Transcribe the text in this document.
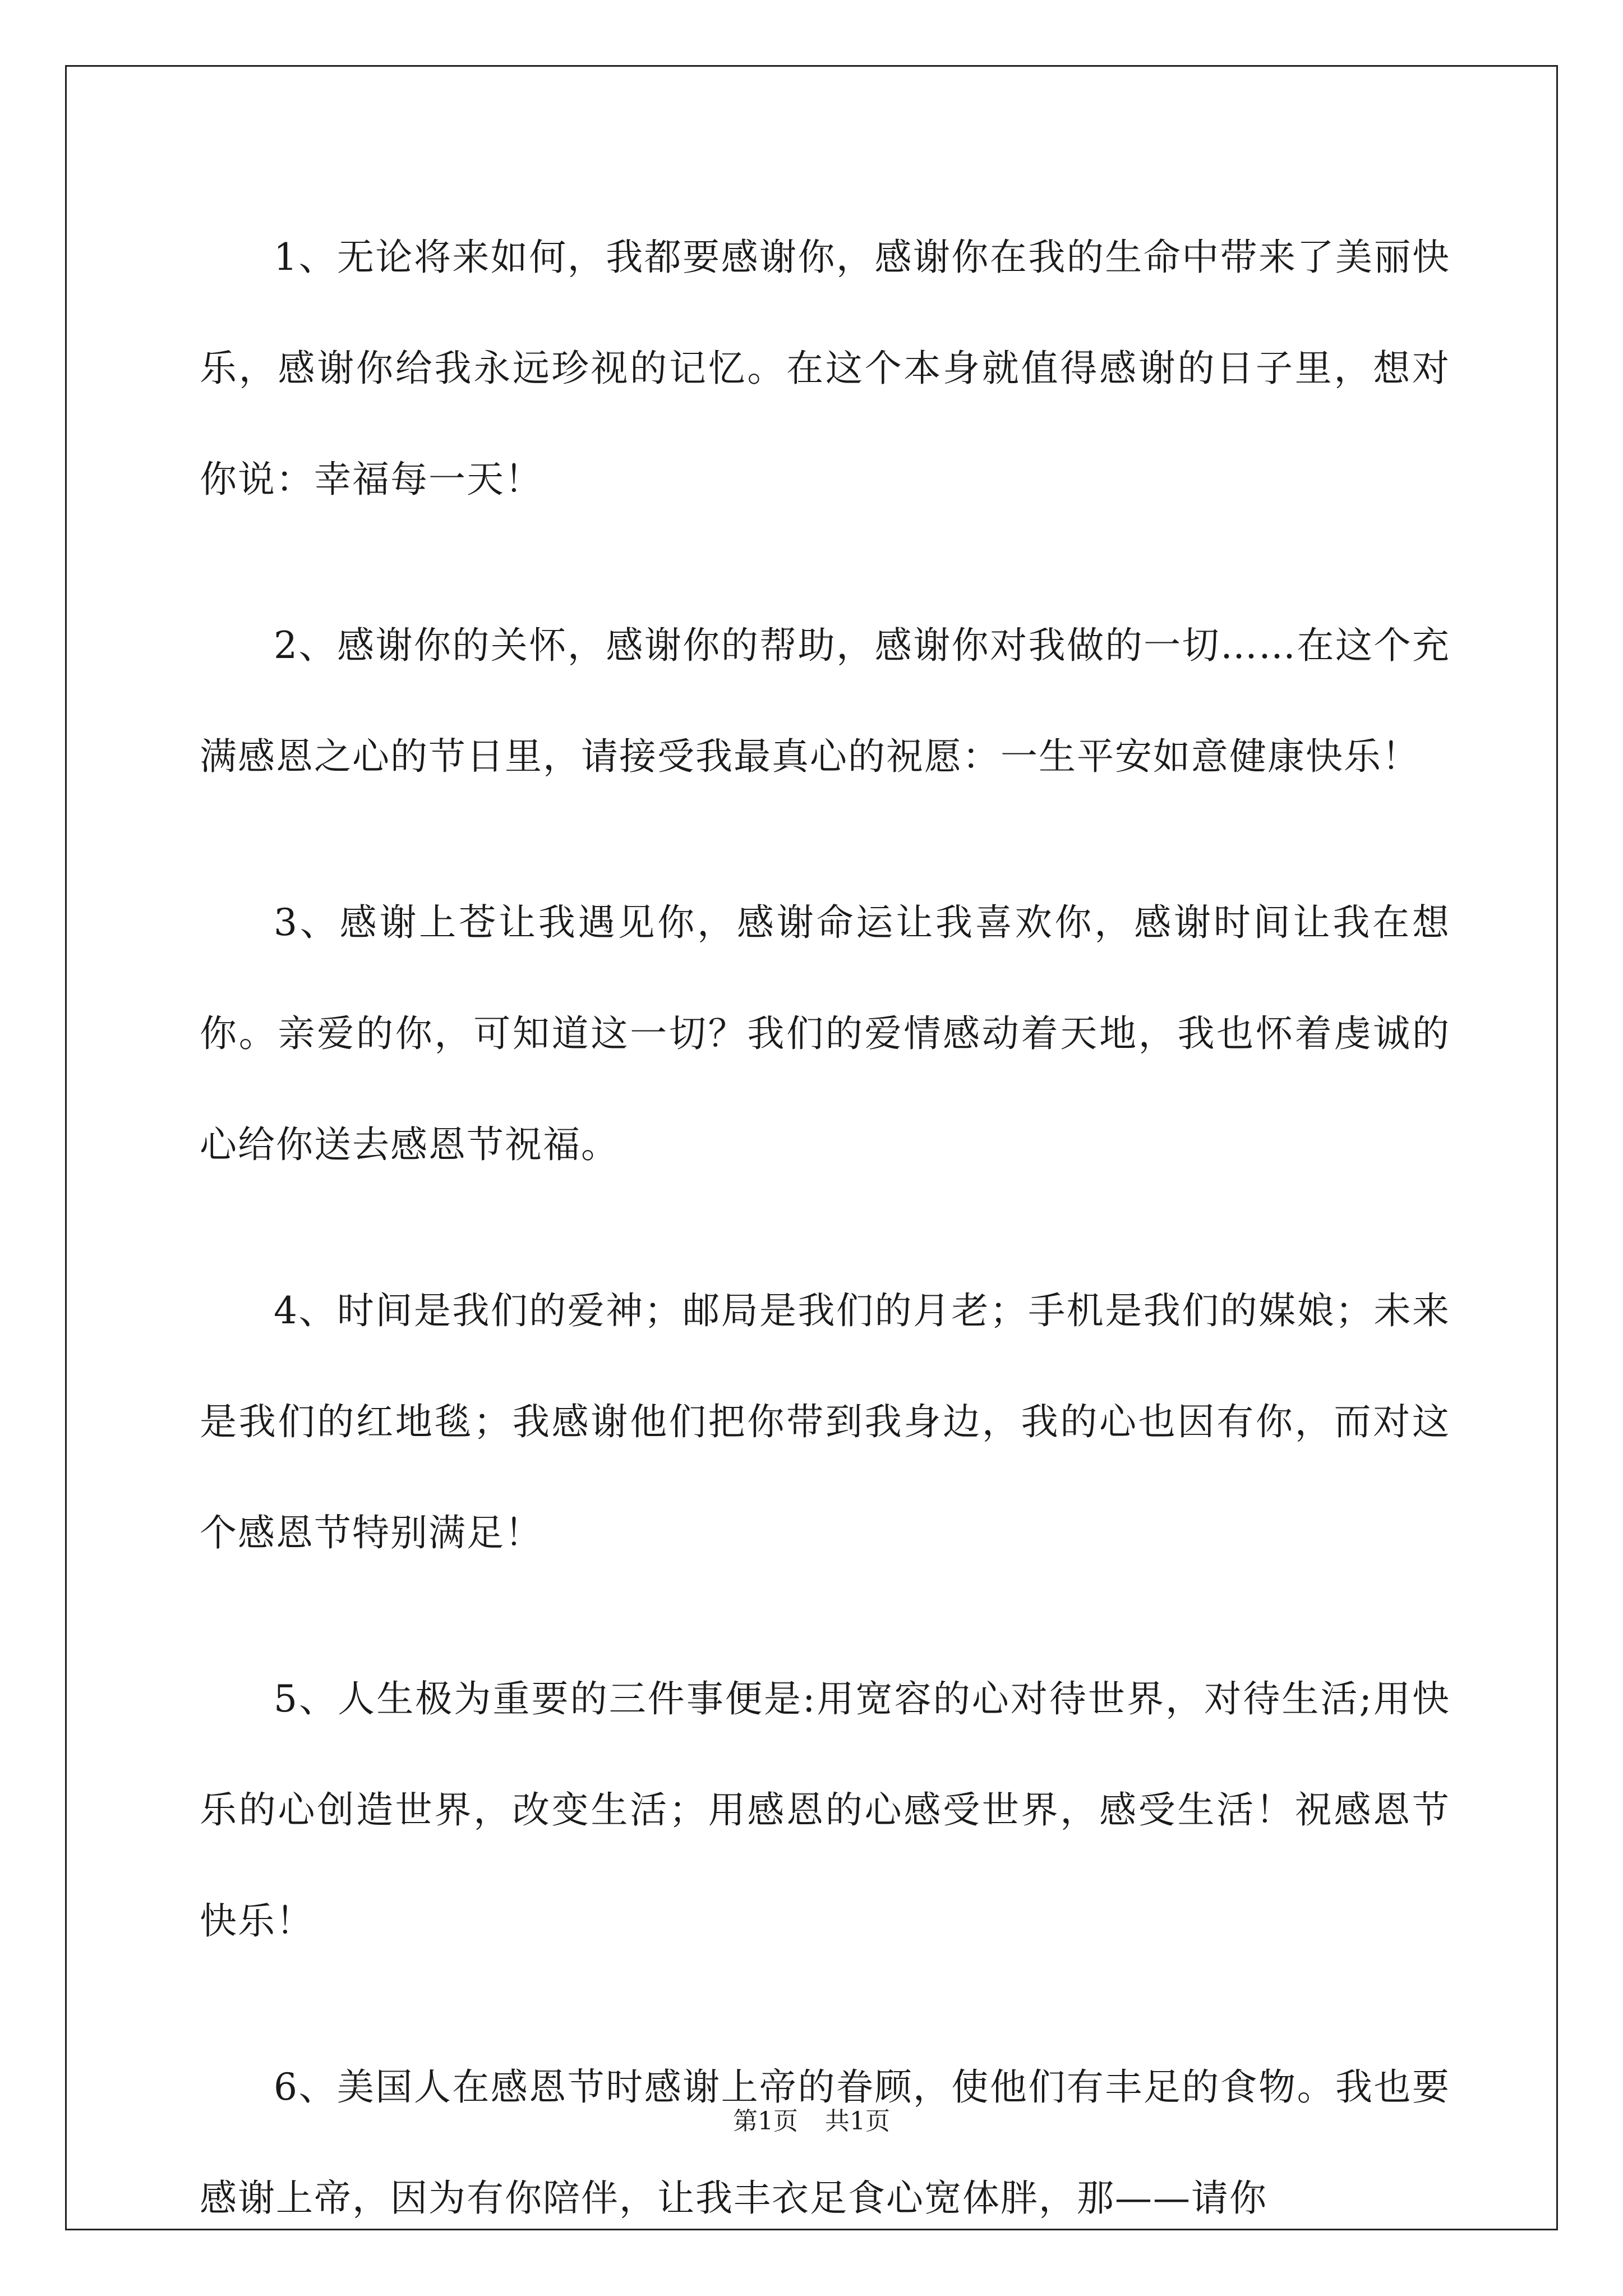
1、无论将来如何，我都要感谢你，感谢你在我的生命中带来了美丽快乐，感谢你给我永远珍视的记忆。在这个本身就值得感谢的日子里，想对你说：幸福每一天！

2、感谢你的关怀，感谢你的帮助，感谢你对我做的一切……在这个充满感恩之心的节日里，请接受我最真心的祝愿：一生平安如意健康快乐！

3、感谢上苍让我遇见你，感谢命运让我喜欢你，感谢时间让我在想你。亲爱的你，可知道这一切？我们的爱情感动着天地，我也怀着虔诚的心给你送去感恩节祝福。

4、时间是我们的爱神；邮局是我们的月老；手机是我们的媒娘；未来是我们的红地毯；我感谢他们把你带到我身边，我的心也因有你，而对这个感恩节特别满足！

5、人生极为重要的三件事便是:用宽容的心对待世界，对待生活;用快乐的心创造世界，改变生活；用感恩的心感受世界，感受生活！祝感恩节快乐！

6、美国人在感恩节时感谢上帝的眷顾，使他们有丰足的食物。我也要感谢上帝，因为有你陪伴，让我丰衣足食心宽体胖，那——请你

第1页 共1页
